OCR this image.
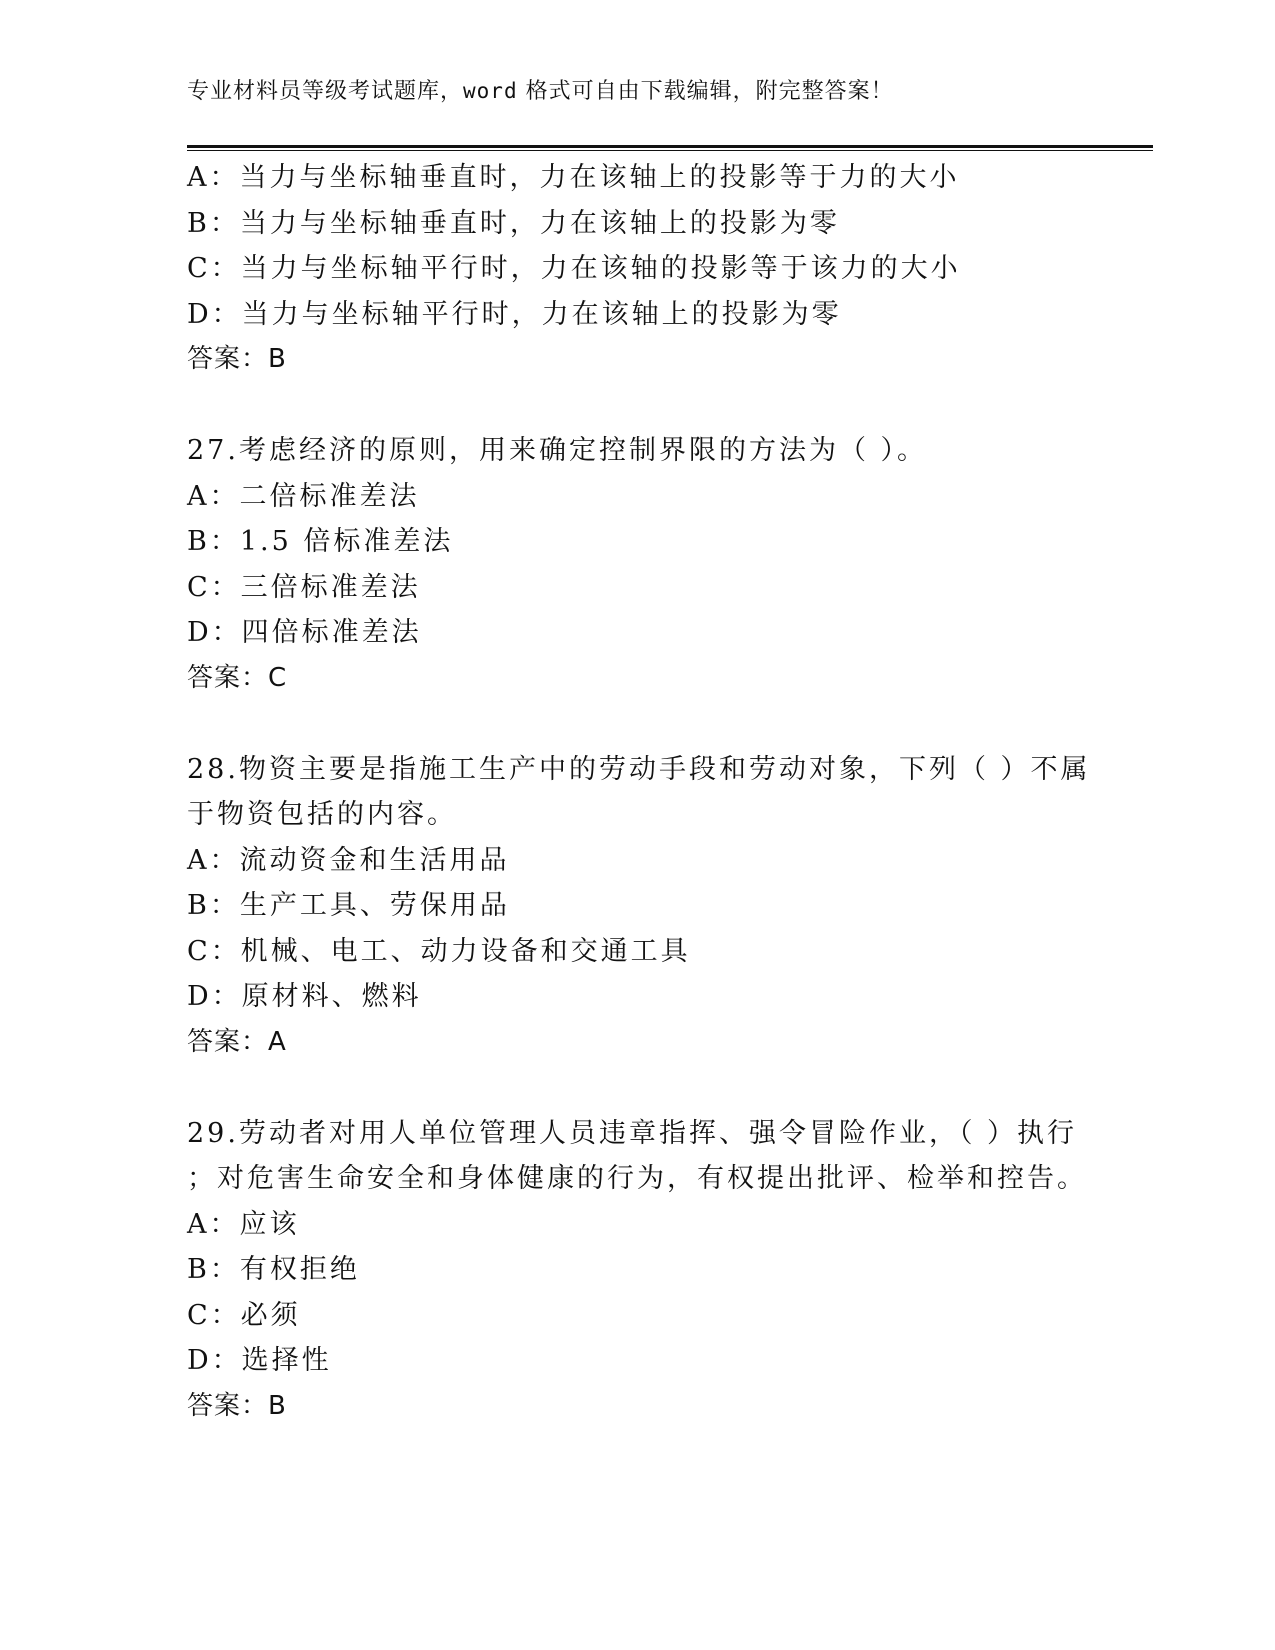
专业材料员等级考试题库，word 格式可自由下载编辑，附完整答案！
A：当力与坐标轴垂直时，力在该轴上的投影等于力的大小
B：当力与坐标轴垂直时，力在该轴上的投影为零
C：当力与坐标轴平行时，力在该轴的投影等于该力的大小
D：当力与坐标轴平行时，力在该轴上的投影为零
答案：B
27.考虑经济的原则，用来确定控制界限的方法为（ ）。
A：二倍标准差法
B：1.5 倍标准差法
C：三倍标准差法
D：四倍标准差法
答案：C
28.物资主要是指施工生产中的劳动手段和劳动对象，下列（ ）不属
于物资包括的内容。
A：流动资金和生活用品
B：生产工具、劳保用品
C：机械、电工、动力设备和交通工具
D：原材料、燃料
答案：A
29.劳动者对用人单位管理人员违章指挥、强令冒险作业，（ ）执行
；对危害生命安全和身体健康的行为，有权提出批评、检举和控告。
A：应该
B：有权拒绝
C：必须
D：选择性
答案：B
